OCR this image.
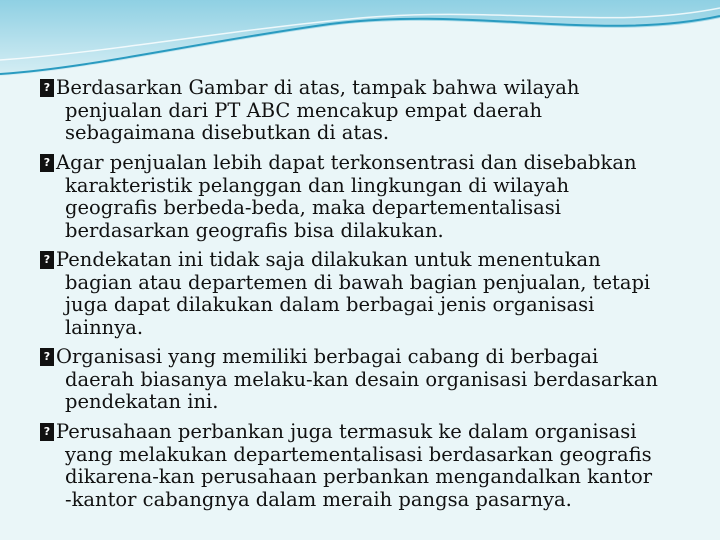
?Berdasarkan Gambar di atas, tampak bahwa wilayah
penjualan dari PT ABC mencakup empat daerah
sebagaimana disebutkan di atas.
?Agar penjualan lebih dapat terkonsentrasi dan disebabkan
karakteristik pelanggan dan lingkungan di wilayah
geografis berbeda-beda, maka departementalisasi
berdasarkan geografis bisa dilakukan.
?Pendekatan ini tidak saja dilakukan untuk menentukan
bagian atau departemen di bawah bagian penjualan, tetapi
juga dapat dilakukan dalam berbagai jenis organisasi
lainnya.
?Organisasi yang memiliki berbagai cabang di berbagai
daerah biasanya melaku-kan desain organisasi berdasarkan
pendekatan ini.
?Perusahaan perbankan juga termasuk ke dalam organisasi
yang melakukan departementalisasi berdasarkan geografis
dikarena-kan perusahaan perbankan mengandalkan kantor
-kantor cabangnya dalam meraih pangsa pasarnya.
